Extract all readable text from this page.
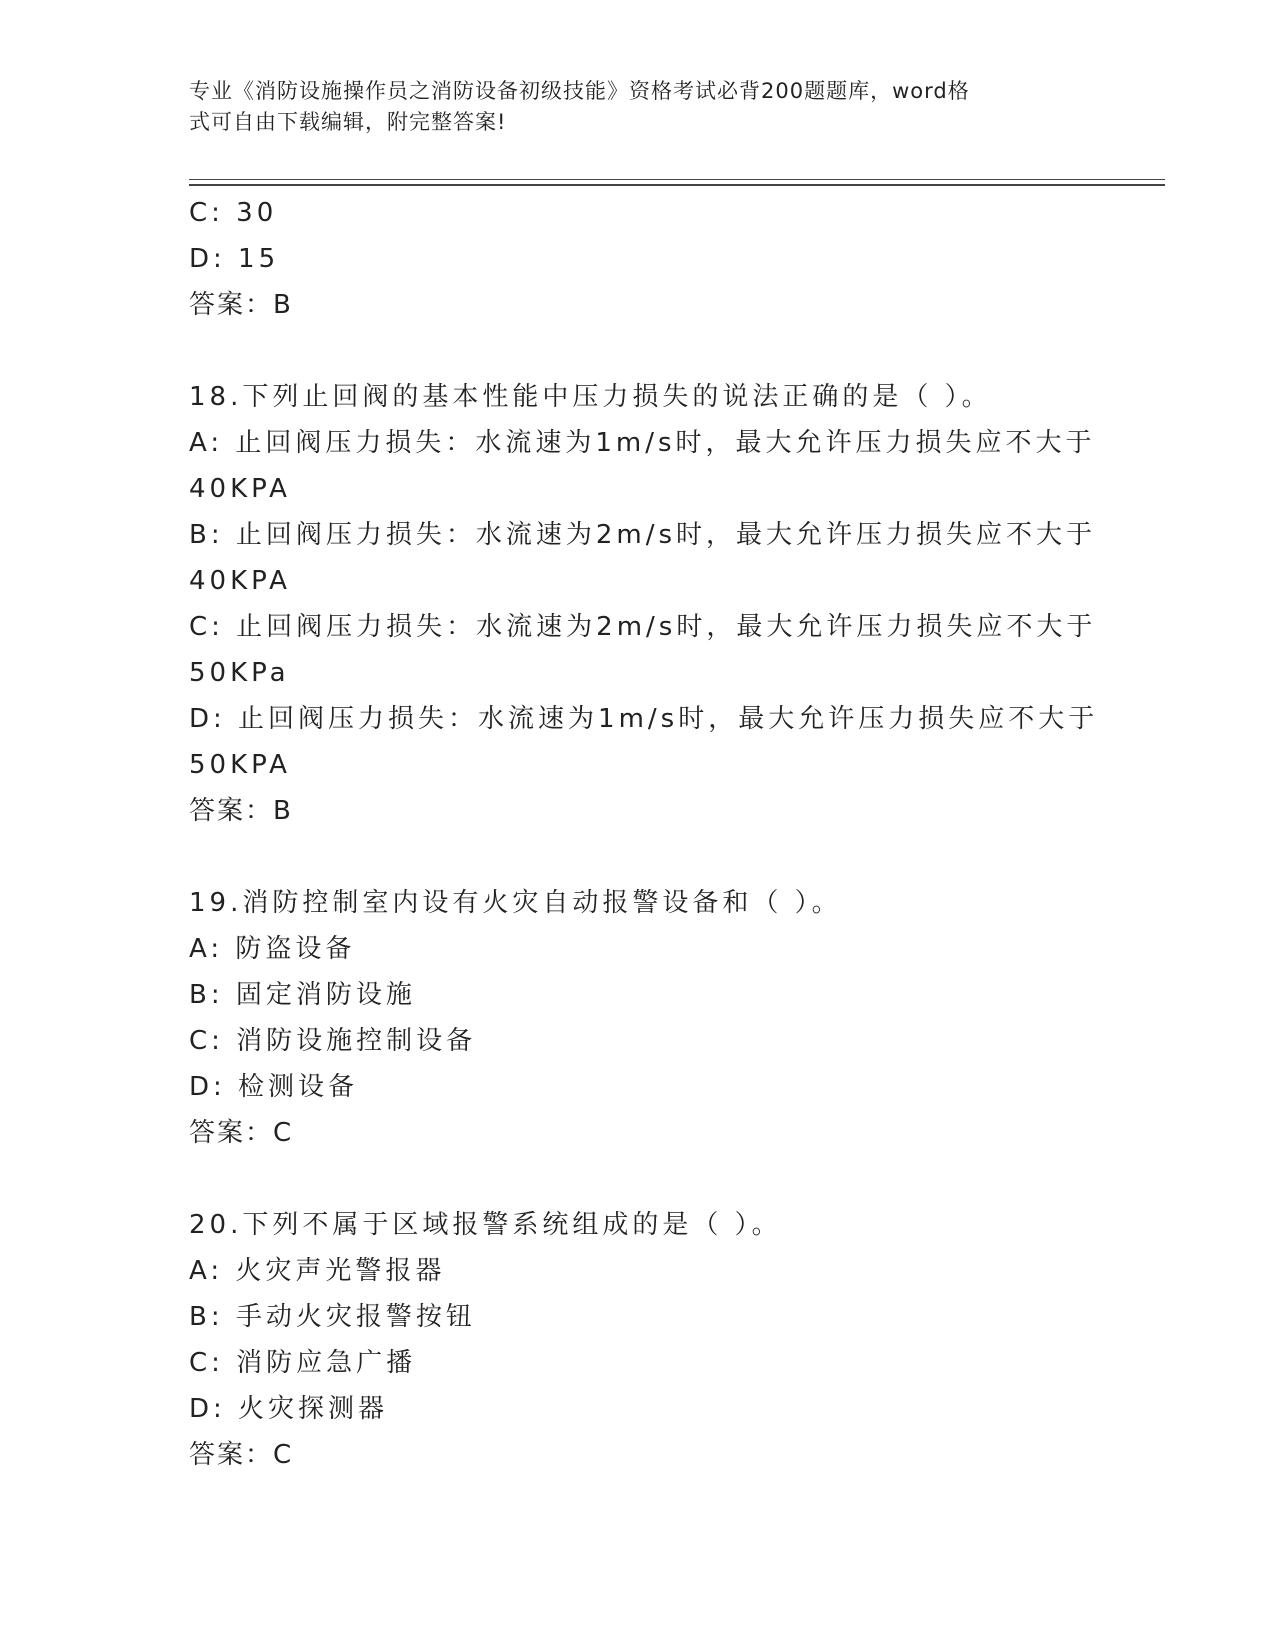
专业《消防设施操作员之消防设备初级技能》资格考试必背200题题库，word格
式可自由下载编辑，附完整答案!
C: 30
D: 15
答案：B
18.下列止回阀的基本性能中压力损失的说法正确的是（ ）。
A: 止回阀压力损失：水流速为1m/s时，最大允许压力损失应不大于
40KPA
B: 止回阀压力损失：水流速为2m/s时，最大允许压力损失应不大于
40KPA
C: 止回阀压力损失：水流速为2m/s时，最大允许压力损失应不大于
50KPa
D: 止回阀压力损失：水流速为1m/s时，最大允许压力损失应不大于
50KPA
答案：B
19.消防控制室内设有火灾自动报警设备和（ ）。
A: 防盗设备
B: 固定消防设施
C: 消防设施控制设备
D: 检测设备
答案：C
20.下列不属于区域报警系统组成的是（ ）。
A: 火灾声光警报器
B: 手动火灾报警按钮
C: 消防应急广播
D: 火灾探测器
答案：C
